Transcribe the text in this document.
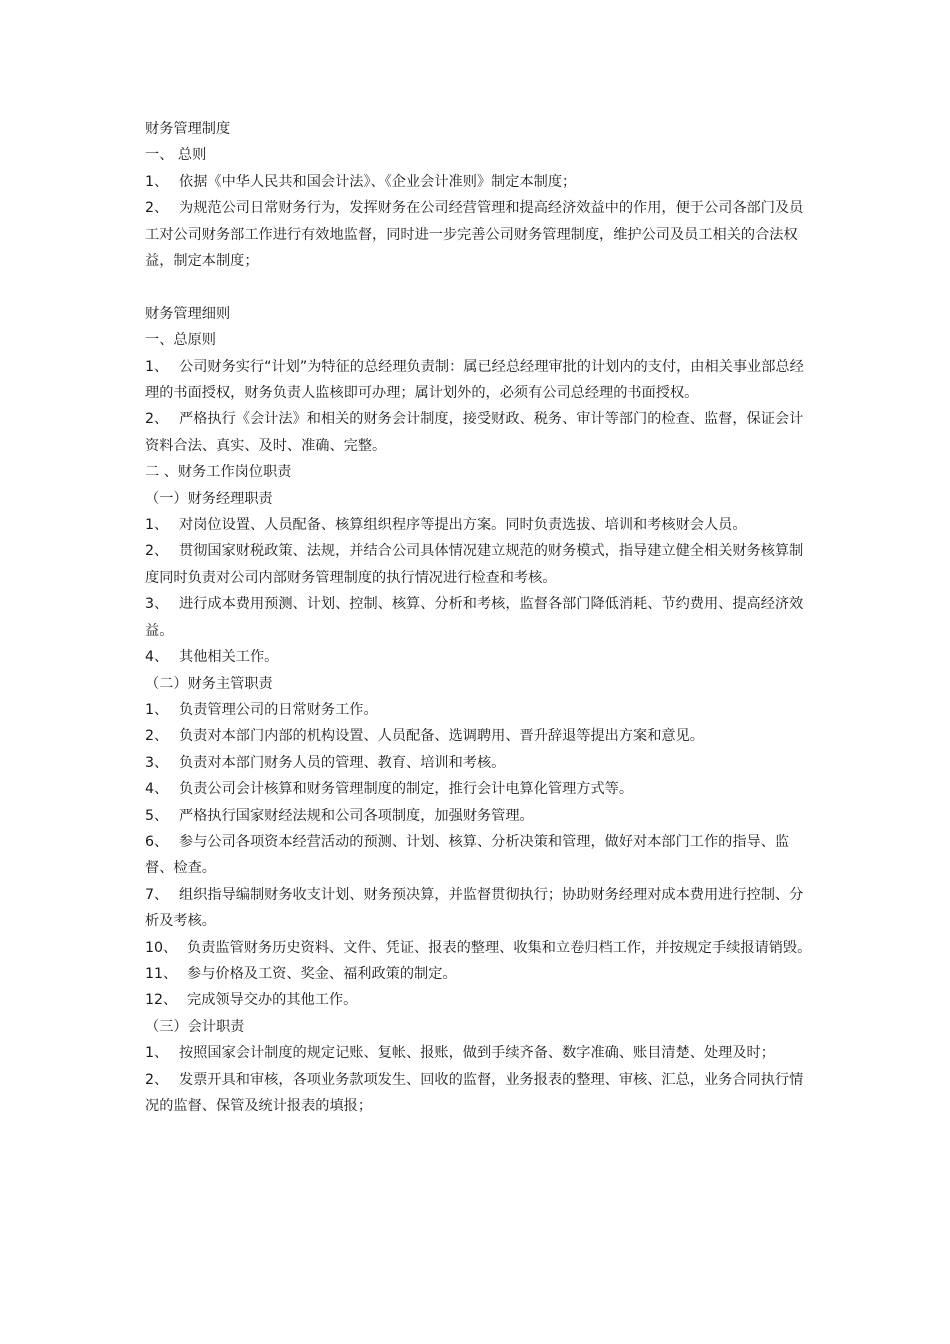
财务管理制度

一、 总则

1、 依据《中华人民共和国会计法》、《企业会计准则》制定本制度；

2、 为规范公司日常财务行为，发挥财务在公司经营管理和提高经济效益中的作用，便于公司各部门及员工对公司财务部工作进行有效地监督，同时进一步完善公司财务管理制度，维护公司及员工相关的合法权益，制定本制度；

财务管理细则

一、总原则

1、 公司财务实行“计划”为特征的总经理负责制：属已经总经理审批的计划内的支付，由相关事业部总经理的书面授权，财务负责人监核即可办理；属计划外的，必须有公司总经理的书面授权。

2、 严格执行《会计法》和相关的财务会计制度，接受财政、税务、审计等部门的检查、监督，保证会计资料合法、真实、及时、准确、完整。

二 、财务工作岗位职责

（一）财务经理职责

1、 对岗位设置、人员配备、核算组织程序等提出方案。同时负责选拔、培训和考核财会人员。

2、 贯彻国家财税政策、法规，并结合公司具体情况建立规范的财务模式，指导建立健全相关财务核算制度同时负责对公司内部财务管理制度的执行情况进行检查和考核。

3、 进行成本费用预测、计划、控制、核算、分析和考核，监督各部门降低消耗、节约费用、提高经济效益。

4、 其他相关工作。

（二）财务主管职责

1、 负责管理公司的日常财务工作。

2、 负责对本部门内部的机构设置、人员配备、选调聘用、晋升辞退等提出方案和意见。

3、 负责对本部门财务人员的管理、教育、培训和考核。

4、 负责公司会计核算和财务管理制度的制定，推行会计电算化管理方式等。

5、 严格执行国家财经法规和公司各项制度，加强财务管理。

6、 参与公司各项资本经营活动的预测、计划、核算、分析决策和管理，做好对本部门工作的指导、监督、检查。

7、 组织指导编制财务收支计划、财务预决算，并监督贯彻执行；协助财务经理对成本费用进行控制、分析及考核。

10、 负责监管财务历史资料、文件、凭证、报表的整理、收集和立卷归档工作，并按规定手续报请销毁。

11、 参与价格及工资、奖金、福利政策的制定。

12、 完成领导交办的其他工作。

（三）会计职责

1、 按照国家会计制度的规定记账、复帐、报账，做到手续齐备、数字准确、账目清楚、处理及时；

2、 发票开具和审核，各项业务款项发生、回收的监督，业务报表的整理、审核、汇总，业务合同执行情况的监督、保管及统计报表的填报；
